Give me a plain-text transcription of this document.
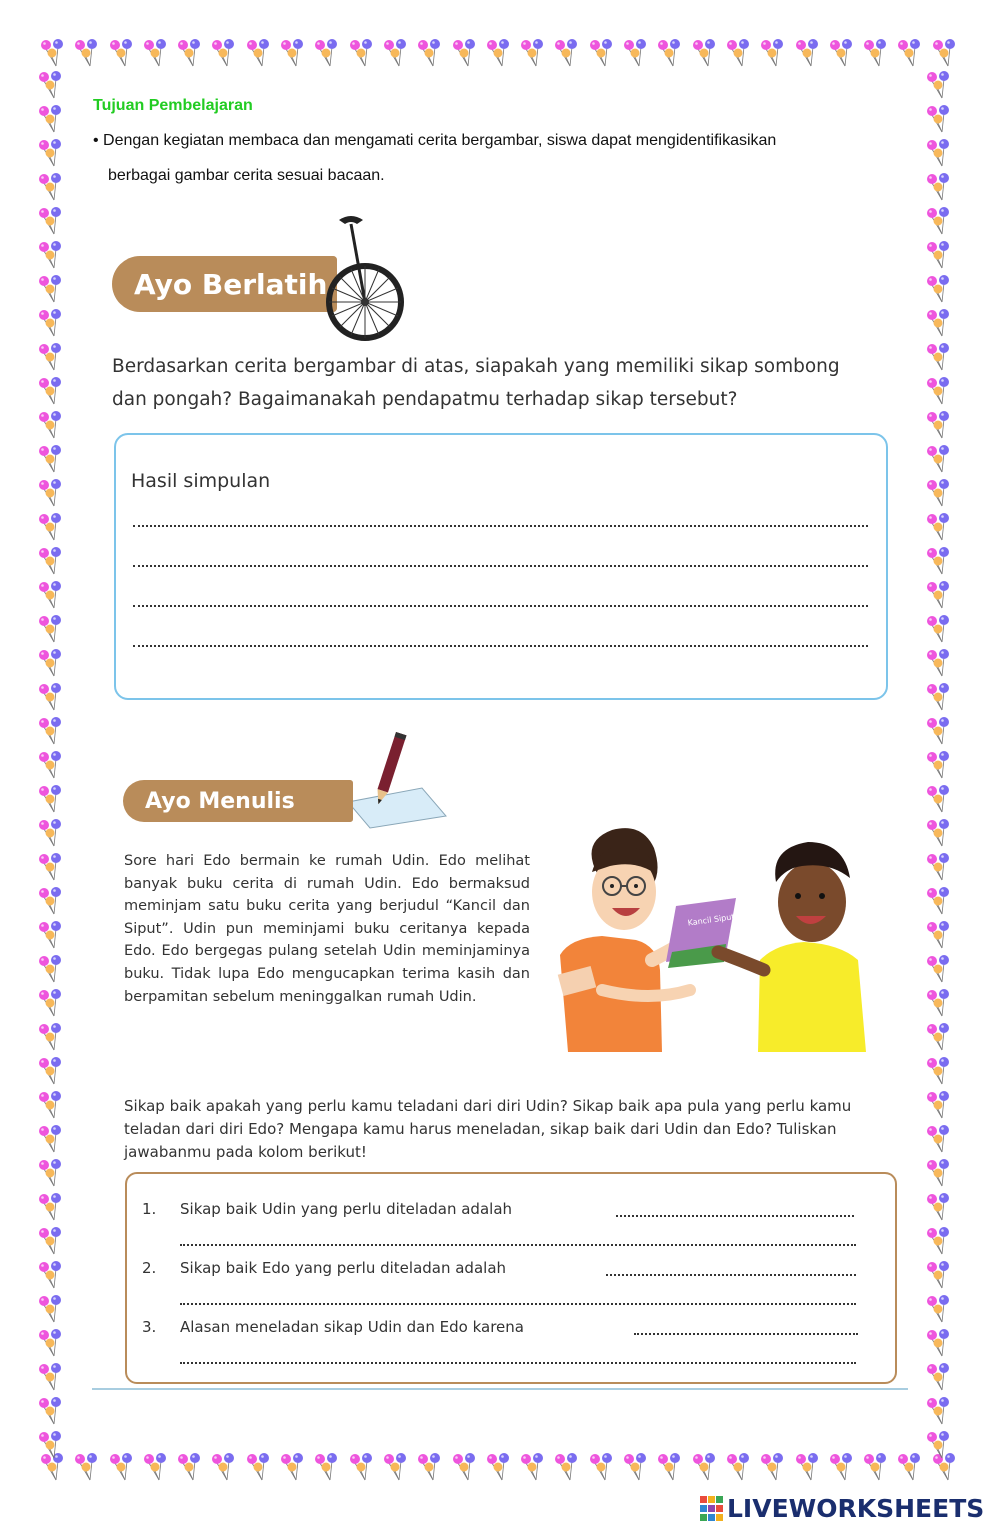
Tujuan Pembelajaran
• Dengan kegiatan membaca dan mengamati cerita bergambar, siswa dapat mengidentifikasikan
berbagai gambar cerita sesuai bacaan.
Ayo Berlatih
Berdasarkan cerita bergambar di atas, siapakah yang memiliki sikap sombong
dan pongah? Bagaimanakah pendapatmu terhadap sikap tersebut?
Hasil simpulan
Ayo Menulis

Sore hari Edo bermain ke rumah Udin. Edo melihat banyak buku cerita di rumah Udin. Edo bermaksud meminjam satu buku cerita yang berjudul “Kancil dan Siput”. Udin pun meminjami buku ceritanya kepada Edo. Edo bergegas pulang setelah Udin meminjaminya buku. Tidak lupa Edo mengucapkan terima kasih dan berpamitan sebelum meninggalkan rumah Udin.

Kancil Siput
Sikap baik apakah yang perlu kamu teladani dari diri Udin? Sikap baik apa pula yang perlu kamu teladan dari diri Edo? Mengapa kamu harus meneladan, sikap baik dari Udin dan Edo? Tuliskan jawabanmu pada kolom berikut!
1.	Sikap baik Udin yang perlu diteladan adalah
2.	Sikap baik Edo yang perlu diteladan adalah
3.	Alasan meneladan sikap Udin dan Edo karena
LIVEWORKSHEETS
